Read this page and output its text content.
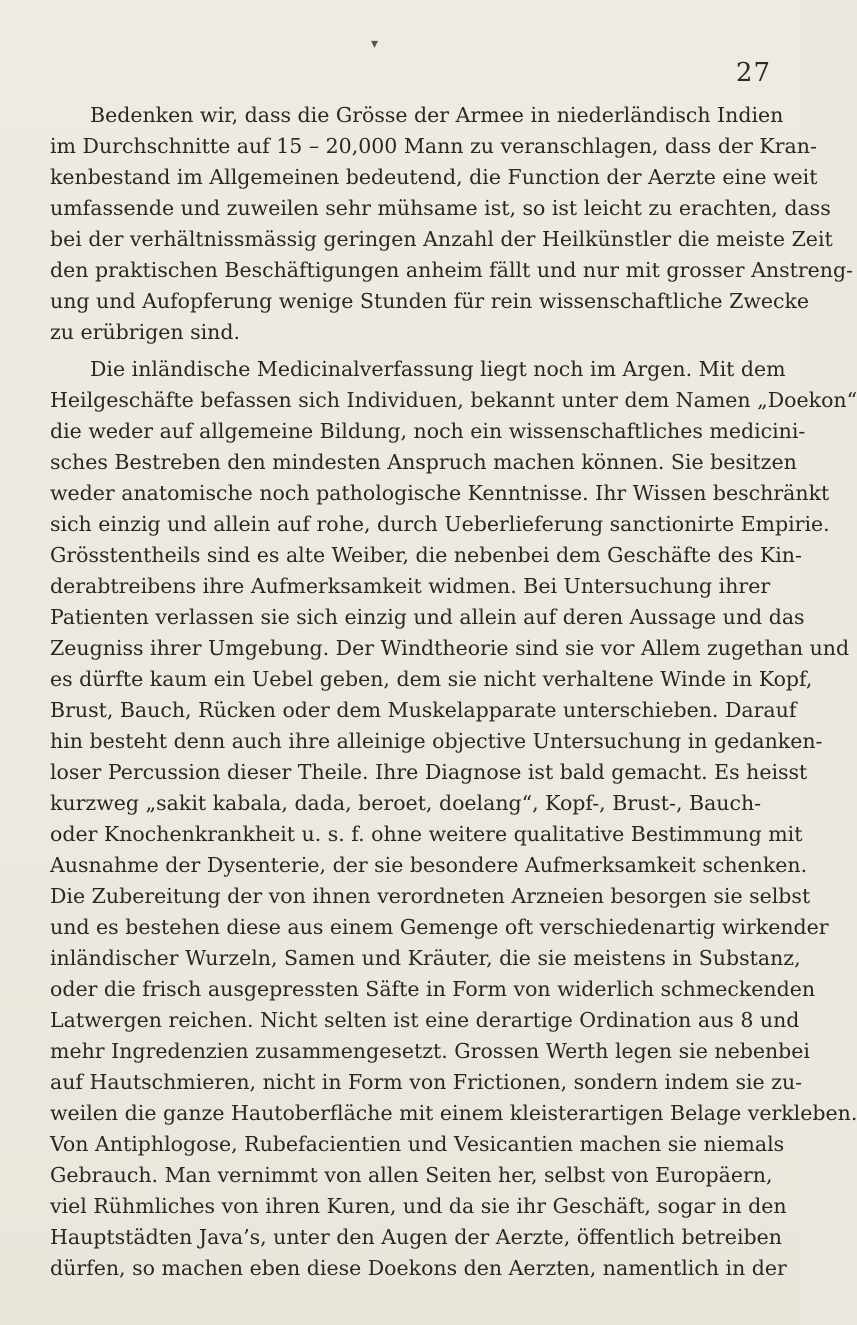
▾
27
Bedenken wir, dass die Grösse der Armee in niederländisch Indien
im Durchschnitte auf 15 – 20,000 Mann zu veranschlagen, dass der Kran-
kenbestand im Allgemeinen bedeutend, die Function der Aerzte eine weit
umfassende und zuweilen sehr mühsame ist, so ist leicht zu erachten, dass
bei der verhältnissmässig geringen Anzahl der Heilkünstler die meiste Zeit
den praktischen Beschäftigungen anheim fällt und nur mit grosser Anstreng-
ung und Aufopferung wenige Stunden für rein wissenschaftliche Zwecke
zu erübrigen sind.
Die inländische Medicinalverfassung liegt noch im Argen. Mit dem
Heilgeschäfte befassen sich Individuen, bekannt unter dem Namen „Doekon“
die weder auf allgemeine Bildung, noch ein wissenschaftliches medicini-
sches Bestreben den mindesten Anspruch machen können. Sie besitzen
weder anatomische noch pathologische Kenntnisse. Ihr Wissen beschränkt
sich einzig und allein auf rohe, durch Ueberlieferung sanctionirte Empirie.
Grösstentheils sind es alte Weiber, die nebenbei dem Geschäfte des Kin-
derabtreibens ihre Aufmerksamkeit widmen. Bei Untersuchung ihrer
Patienten verlassen sie sich einzig und allein auf deren Aussage und das
Zeugniss ihrer Umgebung. Der Windtheorie sind sie vor Allem zugethan und
es dürfte kaum ein Uebel geben, dem sie nicht verhaltene Winde in Kopf,
Brust, Bauch, Rücken oder dem Muskelapparate unterschieben. Darauf
hin besteht denn auch ihre alleinige objective Untersuchung in gedanken-
loser Percussion dieser Theile. Ihre Diagnose ist bald gemacht. Es heisst
kurzweg „sakit kabala, dada, beroet, doelang“, Kopf-, Brust-, Bauch-
oder Knochenkrankheit u. s. f. ohne weitere qualitative Bestimmung mit
Ausnahme der Dysenterie, der sie besondere Aufmerksamkeit schenken.
Die Zubereitung der von ihnen verordneten Arzneien besorgen sie selbst
und es bestehen diese aus einem Gemenge oft verschiedenartig wirkender
inländischer Wurzeln, Samen und Kräuter, die sie meistens in Substanz,
oder die frisch ausgepressten Säfte in Form von widerlich schmeckenden
Latwergen reichen. Nicht selten ist eine derartige Ordination aus 8 und
mehr Ingredenzien zusammengesetzt. Grossen Werth legen sie nebenbei
auf Hautschmieren, nicht in Form von Frictionen, sondern indem sie zu-
weilen die ganze Hautoberfläche mit einem kleisterartigen Belage verkleben.
Von Antiphlogose, Rubefacientien und Vesicantien machen sie niemals
Gebrauch. Man vernimmt von allen Seiten her, selbst von Europäern,
viel Rühmliches von ihren Kuren, und da sie ihr Geschäft, sogar in den
Hauptstädten Java’s, unter den Augen der Aerzte, öffentlich betreiben
dürfen, so machen eben diese Doekons den Aerzten, namentlich in der
